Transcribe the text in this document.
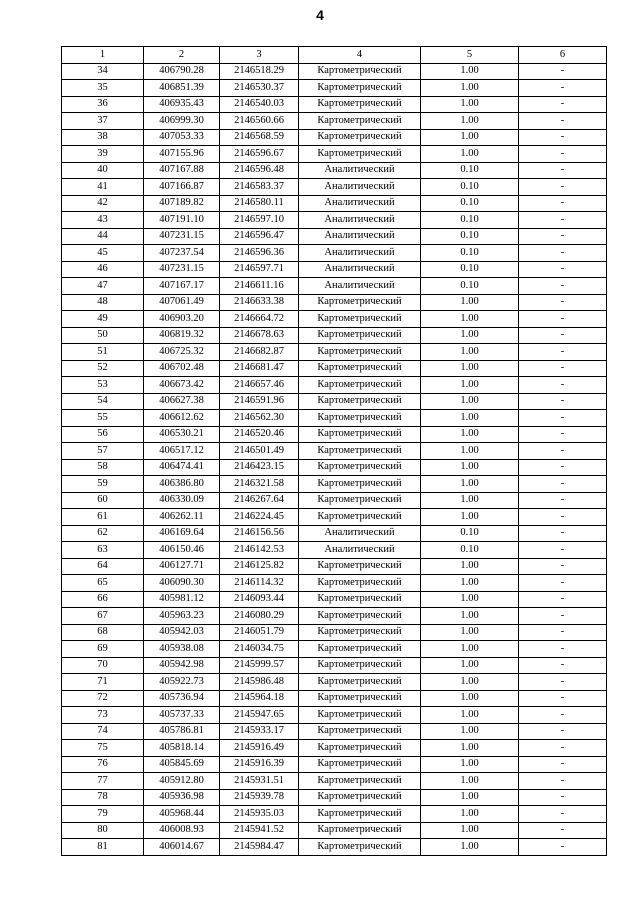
4
1	2	3	4	5	6
34	406790.28	2146518.29	Картометрический	1.00	-
35	406851.39	2146530.37	Картометрический	1.00	-
36	406935.43	2146540.03	Картометрический	1.00	-
37	406999.30	2146560.66	Картометрический	1.00	-
38	407053.33	2146568.59	Картометрический	1.00	-
39	407155.96	2146596.67	Картометрический	1.00	-
40	407167.88	2146596.48	Аналитический	0.10	-
41	407166.87	2146583.37	Аналитический	0.10	-
42	407189.82	2146580.11	Аналитический	0.10	-
43	407191.10	2146597.10	Аналитический	0.10	-
44	407231.15	2146596.47	Аналитический	0.10	-
45	407237.54	2146596.36	Аналитический	0.10	-
46	407231.15	2146597.71	Аналитический	0.10	-
47	407167.17	2146611.16	Аналитический	0.10	-
48	407061.49	2146633.38	Картометрический	1.00	-
49	406903.20	2146664.72	Картометрический	1.00	-
50	406819.32	2146678.63	Картометрический	1.00	-
51	406725.32	2146682.87	Картометрический	1.00	-
52	406702.48	2146681.47	Картометрический	1.00	-
53	406673.42	2146657.46	Картометрический	1.00	-
54	406627.38	2146591.96	Картометрический	1.00	-
55	406612.62	2146562.30	Картометрический	1.00	-
56	406530.21	2146520.46	Картометрический	1.00	-
57	406517.12	2146501.49	Картометрический	1.00	-
58	406474.41	2146423.15	Картометрический	1.00	-
59	406386.80	2146321.58	Картометрический	1.00	-
60	406330.09	2146267.64	Картометрический	1.00	-
61	406262.11	2146224.45	Картометрический	1.00	-
62	406169.64	2146156.56	Аналитический	0.10	-
63	406150.46	2146142.53	Аналитический	0.10	-
64	406127.71	2146125.82	Картометрический	1.00	-
65	406090.30	2146114.32	Картометрический	1.00	-
66	405981.12	2146093.44	Картометрический	1.00	-
67	405963.23	2146080.29	Картометрический	1.00	-
68	405942.03	2146051.79	Картометрический	1.00	-
69	405938.08	2146034.75	Картометрический	1.00	-
70	405942.98	2145999.57	Картометрический	1.00	-
71	405922.73	2145986.48	Картометрический	1.00	-
72	405736.94	2145964.18	Картометрический	1.00	-
73	405737.33	2145947.65	Картометрический	1.00	-
74	405786.81	2145933.17	Картометрический	1.00	-
75	405818.14	2145916.49	Картометрический	1.00	-
76	405845.69	2145916.39	Картометрический	1.00	-
77	405912.80	2145931.51	Картометрический	1.00	-
78	405936.98	2145939.78	Картометрический	1.00	-
79	405968.44	2145935.03	Картометрический	1.00	-
80	406008.93	2145941.52	Картометрический	1.00	-
81	406014.67	2145984.47	Картометрический	1.00	-
